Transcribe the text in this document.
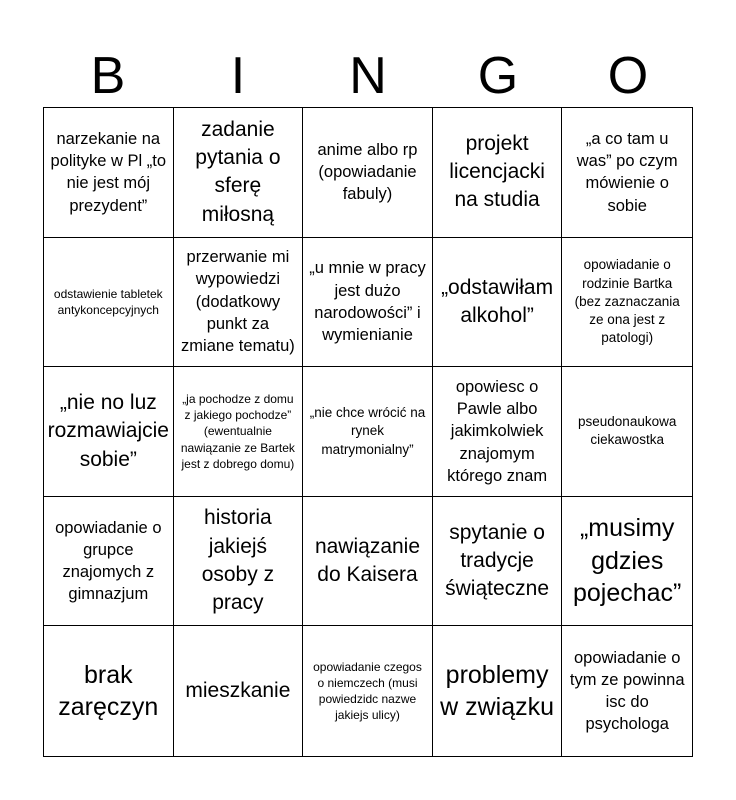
B	I	N	G	O
narzekanie na polityke w Pl „to nie jest mój prezydent”
zadanie pytania o sferę miłosną
anime albo rp (opowiadanie fabuly)
projekt licencjacki na studia
„a co tam u was” po czym mówienie o sobie
odstawienie tabletek antykoncepcyjnych
przerwanie mi wypowiedzi (dodatkowy punkt za zmiane tematu)
„u mnie w pracy jest dużo narodowości” i wymienianie
„odstawiłam alkohol”
opowiadanie o rodzinie Bartka (bez zaznaczania ze ona jest z patologi)
„nie no luz rozmawiajcie sobie”
„ja pochodze z domu z jakiego pochodze” (ewentualnie nawiązanie ze Bartek jest z dobrego domu)
„nie chce wrócić na rynek matrymonialny”
opowiesc o Pawle albo jakimkolwiek znajomym którego znam
pseudonaukowa ciekawostka
opowiadanie o grupce znajomych z gimnazjum
historia jakiejś osoby z pracy
nawiązanie do Kaisera
spytanie o tradycje świąteczne
„musimy gdzies pojechac”
brak zaręczyn
mieszkanie
opowiadanie czegos o niemczech (musi powiedzidc nazwe jakiejs ulicy)
problemy w związku
opowiadanie o tym ze powinna isc do psychologa
